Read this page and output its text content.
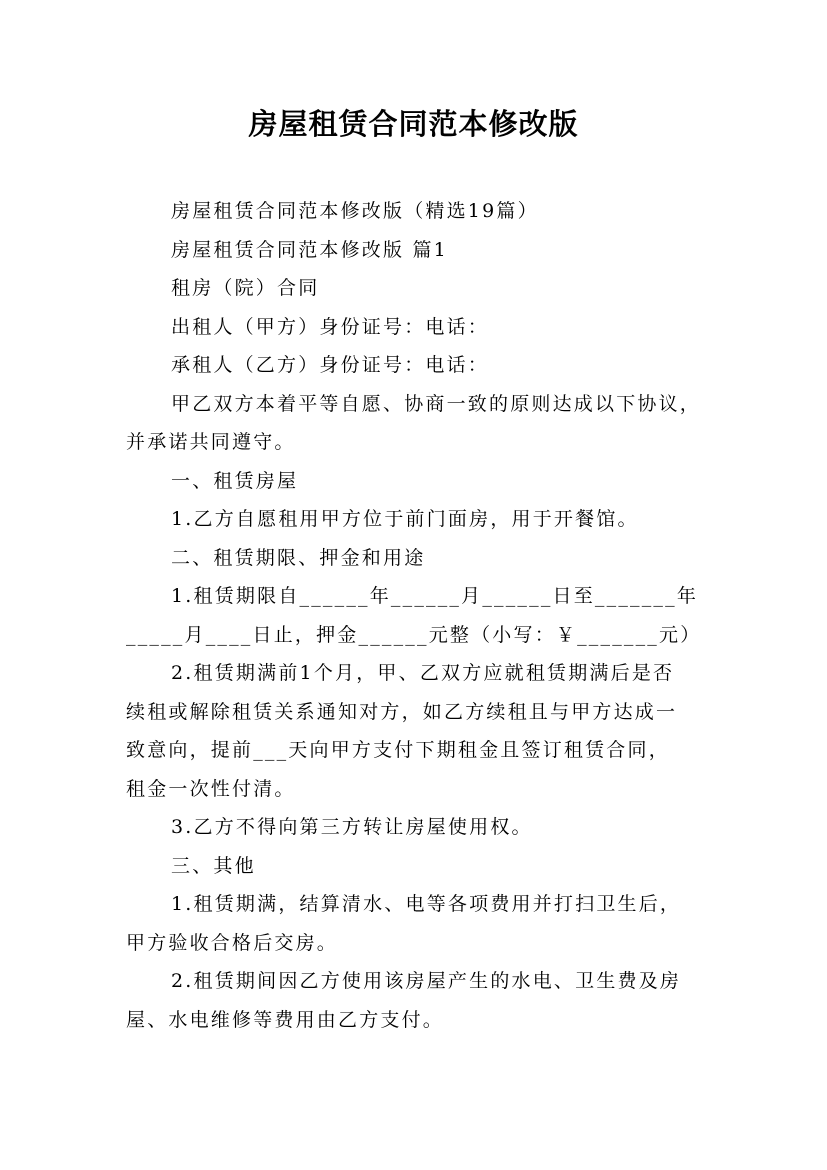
房屋租赁合同范本修改版

房屋租赁合同范本修改版（精选19篇）

房屋租赁合同范本修改版 篇1

租房（院）合同

出租人（甲方）身份证号：电话：

承租人（乙方）身份证号：电话：

甲乙双方本着平等自愿、协商一致的原则达成以下协议，

并承诺共同遵守。

一、租赁房屋

1.乙方自愿租用甲方位于前门面房，用于开餐馆。

二、租赁期限、押金和用途

1.租赁期限自______年______月______日至_______年

_____月____日止，押金______元整（小写：￥_______元）

2.租赁期满前1个月，甲、乙双方应就租赁期满后是否

续租或解除租赁关系通知对方，如乙方续租且与甲方达成一

致意向，提前___天向甲方支付下期租金且签订租赁合同，

租金一次性付清。

3.乙方不得向第三方转让房屋使用权。

三、其他

1.租赁期满，结算清水、电等各项费用并打扫卫生后，

甲方验收合格后交房。

2.租赁期间因乙方使用该房屋产生的水电、卫生费及房

屋、水电维修等费用由乙方支付。
